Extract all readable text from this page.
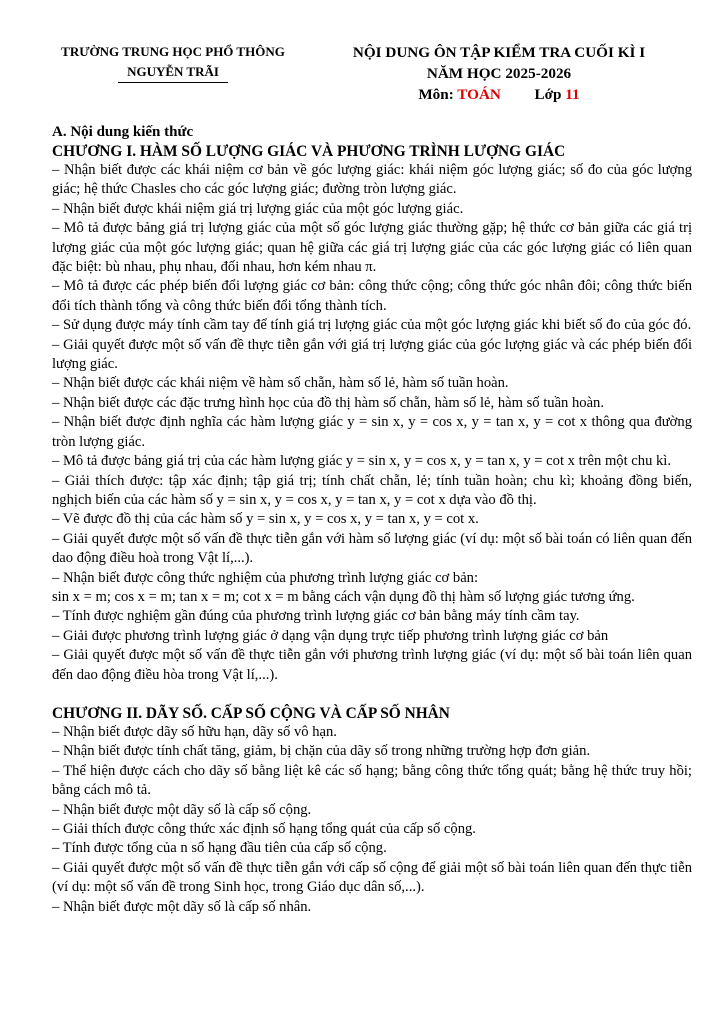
TRƯỜNG TRUNG HỌC PHỔ THÔNG
NGUYỄN TRÃI
NỘI DUNG ÔN TẬP KIỂM TRA CUỐI KÌ I
NĂM HỌC 2025-2026
Môn: TOÁN Lớp 11
A. Nội dung kiến thức
CHƯƠNG I. HÀM SỐ LƯỢNG GIÁC VÀ PHƯƠNG TRÌNH LƯỢNG GIÁC
– Nhận biết được các khái niệm cơ bản về góc lượng giác: khái niệm góc lượng giác; số đo của góc lượng giác; hệ thức Chasles cho các góc lượng giác; đường tròn lượng giác.
– Nhận biết được khái niệm giá trị lượng giác của một góc lượng giác.
– Mô tả được bảng giá trị lượng giác của một số góc lượng giác thường gặp; hệ thức cơ bản giữa các giá trị lượng giác của một góc lượng giác; quan hệ giữa các giá trị lượng giác của các góc lượng giác có liên quan đặc biệt: bù nhau, phụ nhau, đối nhau, hơn kém nhau π.
– Mô tả được các phép biến đổi lượng giác cơ bản: công thức cộng; công thức góc nhân đôi; công thức biến đổi tích thành tổng và công thức biến đổi tổng thành tích.
– Sử dụng được máy tính cầm tay để tính giá trị lượng giác của một góc lượng giác khi biết số đo của góc đó.
– Giải quyết được một số vấn đề thực tiễn gắn với giá trị lượng giác của góc lượng giác và các phép biến đổi lượng giác.
– Nhận biết được các khái niệm về hàm số chẵn, hàm số lẻ, hàm số tuần hoàn.
– Nhận biết được các đặc trưng hình học của đồ thị hàm số chẵn, hàm số lẻ, hàm số tuần hoàn.
– Nhận biết được định nghĩa các hàm lượng giác y = sin x, y = cos x, y = tan x, y = cot x thông qua đường tròn lượng giác.
– Mô tả được bảng giá trị của các hàm lượng giác y = sin x, y = cos x, y = tan x, y = cot x trên một chu kì.
– Giải thích được: tập xác định; tập giá trị; tính chất chẵn, lẻ; tính tuần hoàn; chu kì; khoảng đồng biến, nghịch biến của các hàm số y = sin x, y = cos x, y = tan x, y = cot x dựa vào đồ thị.
– Vẽ được đồ thị của các hàm số y = sin x, y = cos x, y = tan x, y = cot x.
– Giải quyết được một số vấn đề thực tiễn gắn với hàm số lượng giác (ví dụ: một số bài toán có liên quan đến dao động điều hoà trong Vật lí,...).
– Nhận biết được công thức nghiệm của phương trình lượng giác cơ bản:
sin x = m; cos x = m; tan x = m; cot x = m bằng cách vận dụng đồ thị hàm số lượng giác tương ứng.
– Tính được nghiệm gần đúng của phương trình lượng giác cơ bản bằng máy tính cầm tay.
– Giải được phương trình lượng giác ở dạng vận dụng trực tiếp phương trình lượng giác cơ bản
– Giải quyết được một số vấn đề thực tiễn gắn với phương trình lượng giác (ví dụ: một số bài toán liên quan đến dao động điều hòa trong Vật lí,...).
CHƯƠNG II. DÃY SỐ. CẤP SỐ CỘNG VÀ CẤP SỐ NHÂN
– Nhận biết được dãy số hữu hạn, dãy số vô hạn.
– Nhận biết được tính chất tăng, giảm, bị chặn của dãy số trong những trường hợp đơn giản.
– Thể hiện được cách cho dãy số bằng liệt kê các số hạng; bằng công thức tổng quát; bằng hệ thức truy hồi; bằng cách mô tả.
– Nhận biết được một dãy số là cấp số cộng.
– Giải thích được công thức xác định số hạng tổng quát của cấp số cộng.
– Tính được tổng của n số hạng đầu tiên của cấp số cộng.
– Giải quyết được một số vấn đề thực tiễn gắn với cấp số cộng để giải một số bài toán liên quan đến thực tiễn (ví dụ: một số vấn đề trong Sinh học, trong Giáo dục dân số,...).
– Nhận biết được một dãy số là cấp số nhân.
